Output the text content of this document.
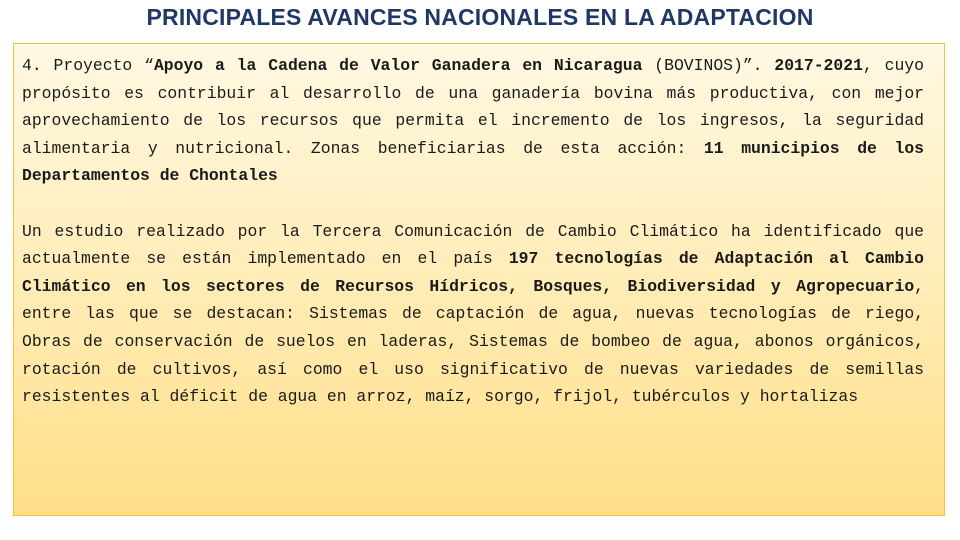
PRINCIPALES AVANCES NACIONALES EN LA ADAPTACION

4. Proyecto “Apoyo a la Cadena de Valor Ganadera en Nicaragua (BOVINOS)”. 2017-2021, cuyo propósito es contribuir al desarrollo de una ganadería bovina más productiva, con mejor aprovechamiento de los recursos que permita el incremento de los ingresos, la seguridad alimentaria y nutricional. Zonas beneficiarias de esta acción: 11 municipios de los Departamentos de Chontales

Un estudio realizado por la Tercera Comunicación de Cambio Climático ha identificado que actualmente se están implementado en el país 197 tecnologías de Adaptación al Cambio Climático en los sectores de Recursos Hídricos, Bosques, Biodiversidad y Agropecuario, entre las que se destacan: Sistemas de captación de agua, nuevas tecnologías de riego, Obras de conservación de suelos en laderas, Sistemas de bombeo de agua, abonos orgánicos, rotación de cultivos, así como el uso significativo de nuevas variedades de semillas resistentes al déficit de agua en arroz, maíz, sorgo, frijol, tubérculos y hortalizas
